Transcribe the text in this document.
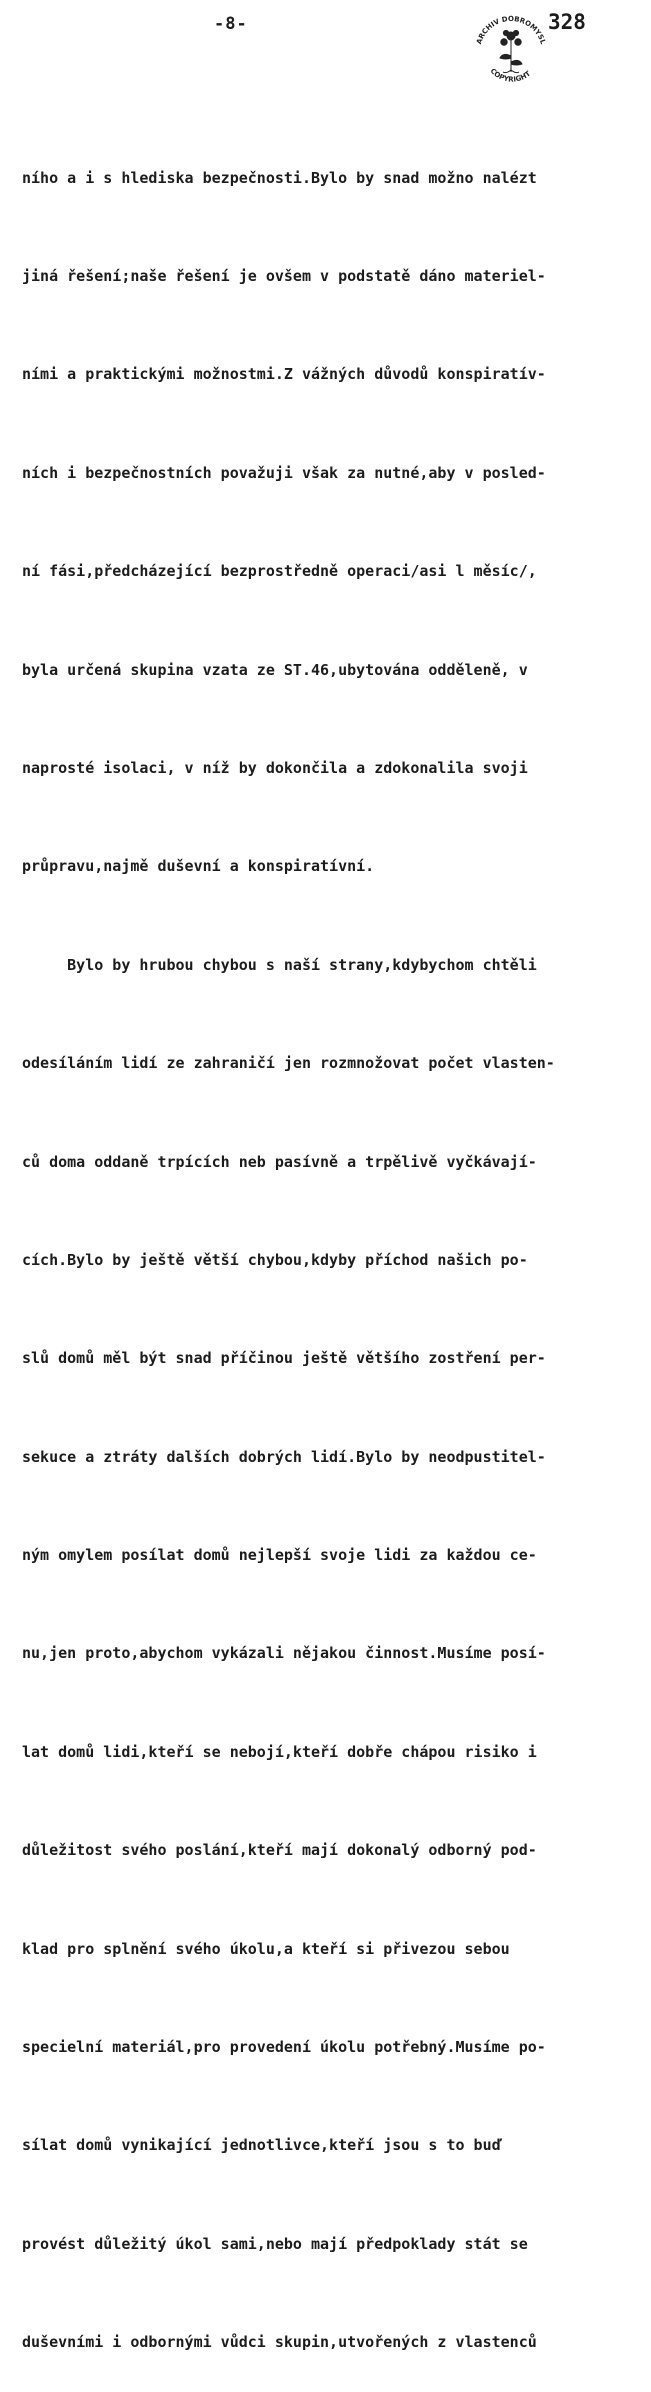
-8-
ARCHIV DOBROMYSL
COPYRIGHT
328

ního a i s hlediska bezpečnosti.Bylo by snad možno nalézt

jiná řešení;naše řešení je ovšem v podstatě dáno materiel-

ními a praktickými možnostmi.Z vážných důvodů konspiratív-

ních i bezpečnostních považuji však za nutné,aby v posled-

ní fási,předcházející bezprostředně operaci/asi l měsíc/,

byla určená skupina vzata ze ST.46,ubytována odděleně, v

naprosté isolaci, v níž by dokončila a zdokonalila svoji

průpravu,najmě duševní a konspiratívní.

Bylo by hrubou chybou s naší strany,kdybychom chtěli

odesíláním lidí ze zahraničí jen rozmnožovat počet vlasten-

ců doma oddaně trpících neb pasívně a trpělivě vyčkávají-

cích.Bylo by ještě větší chybou,kdyby příchod našich po-

slů domů měl být snad příčinou ještě většího zostření per-

sekuce a ztráty dalších dobrých lidí.Bylo by neodpustitel-

ným omylem posílat domů nejlepší svoje lidi za každou ce-

nu,jen proto,abychom vykázali nějakou činnost.Musíme posí-

lat domů lidi,kteří se nebojí,kteří dobře chápou risiko i

důležitost svého poslání,kteří mají dokonalý odborný pod-

klad pro splnění svého úkolu,a kteří si přivezou sebou

specielní materiál,pro provedení úkolu potřebný.Musíme po-

sílat domů vynikající jednotlivce,kteří jsou s to buď

provést důležitý úkol sami,nebo mají předpoklady stát se

duševními i odbornými vůdci skupin,utvořených z vlastenců
